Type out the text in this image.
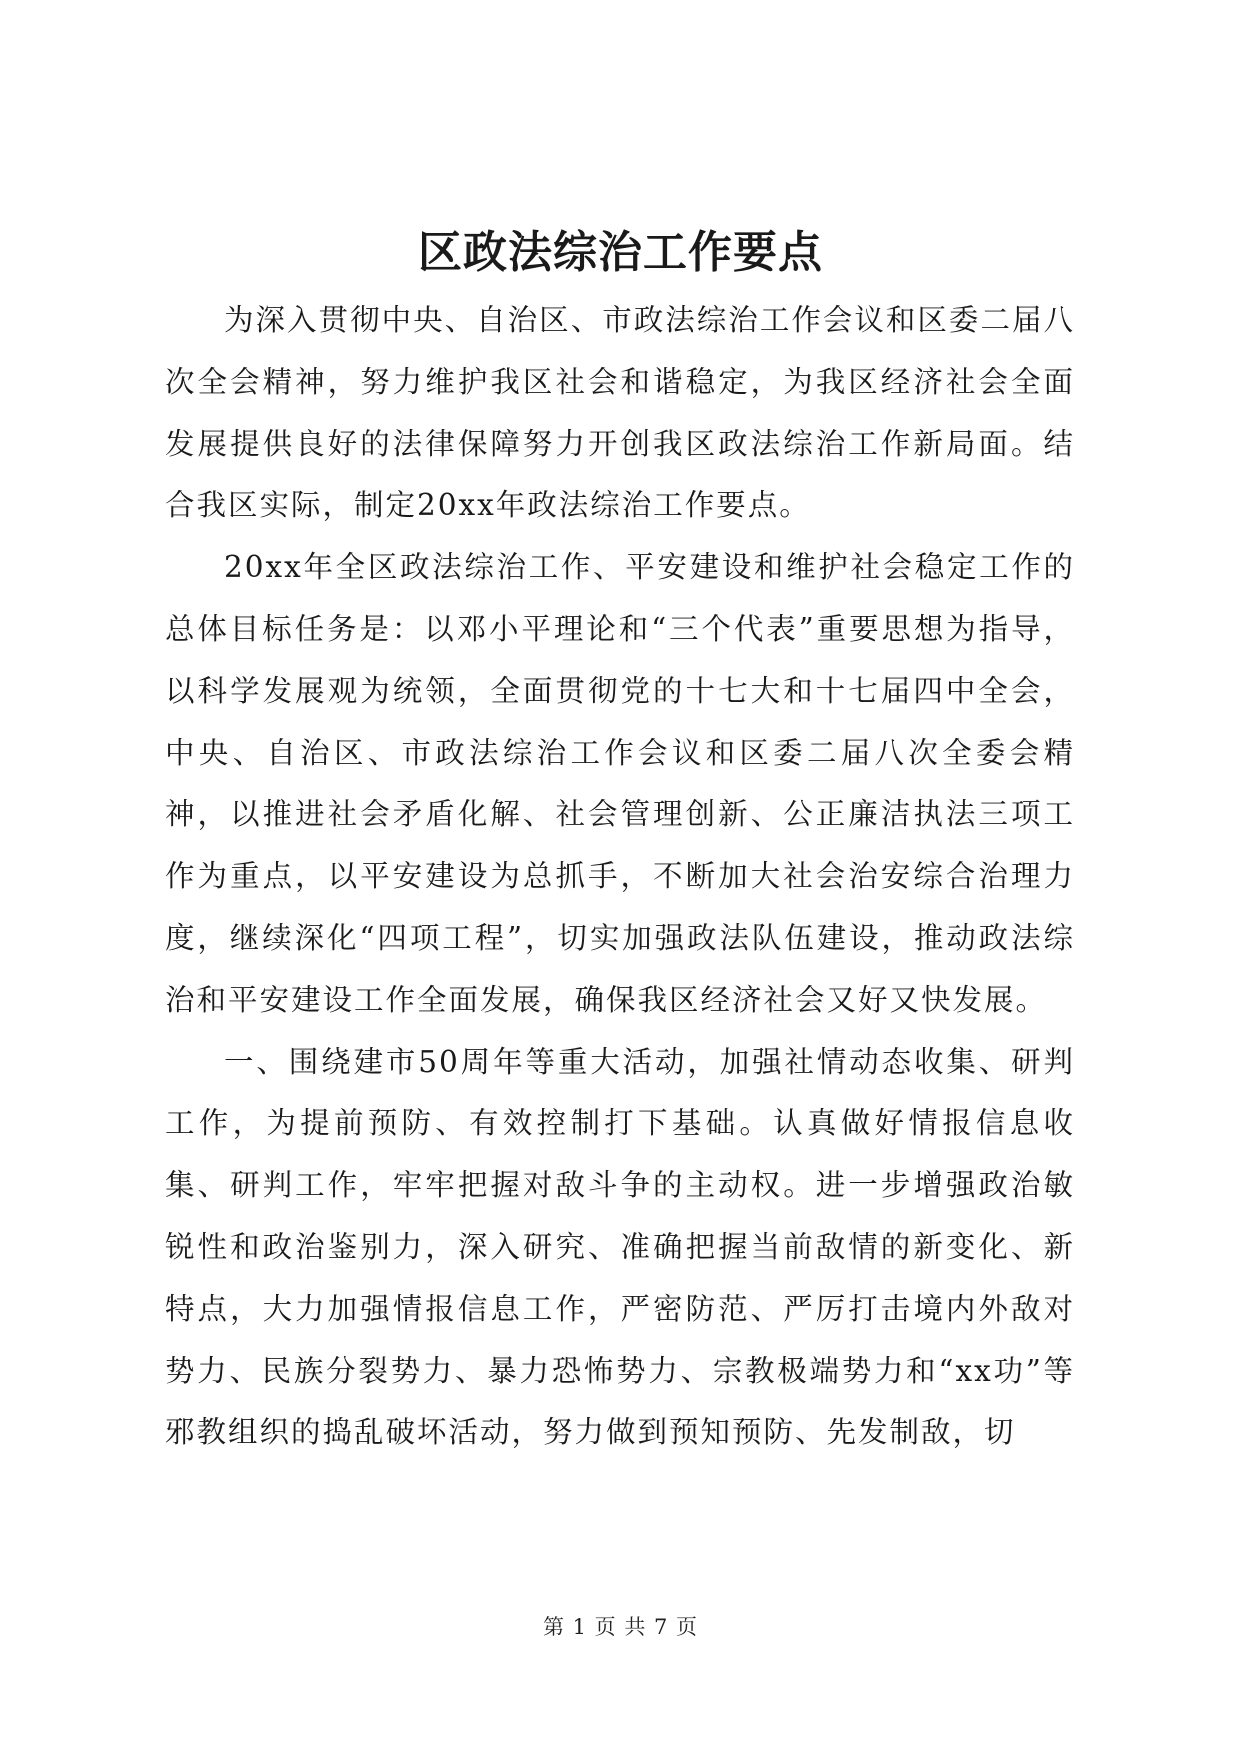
区政法综治工作要点

为深入贯彻中央、自治区、市政法综治工作会议和区委二届八次全会精神，努力维护我区社会和谐稳定，为我区经济社会全面发展提供良好的法律保障努力开创我区政法综治工作新局面。结合我区实际，制定20xx年政法综治工作要点。

20xx年全区政法综治工作、平安建设和维护社会稳定工作的总体目标任务是：以邓小平理论和“三个代表”重要思想为指导，以科学发展观为统领，全面贯彻党的十七大和十七届四中全会，中央、自治区、市政法综治工作会议和区委二届八次全委会精神，以推进社会矛盾化解、社会管理创新、公正廉洁执法三项工作为重点，以平安建设为总抓手，不断加大社会治安综合治理力度，继续深化“四项工程”，切实加强政法队伍建设，推动政法综治和平安建设工作全面发展，确保我区经济社会又好又快发展。

一、围绕建市50周年等重大活动，加强社情动态收集、研判工作，为提前预防、有效控制打下基础。认真做好情报信息收集、研判工作，牢牢把握对敌斗争的主动权。进一步增强政治敏锐性和政治鉴别力，深入研究、准确把握当前敌情的新变化、新特点，大力加强情报信息工作，严密防范、严厉打击境内外敌对势力、民族分裂势力、暴力恐怖势力、宗教极端势力和“xx功”等邪教组织的捣乱破坏活动，努力做到预知预防、先发制敌，切

第 1 页 共 7 页
